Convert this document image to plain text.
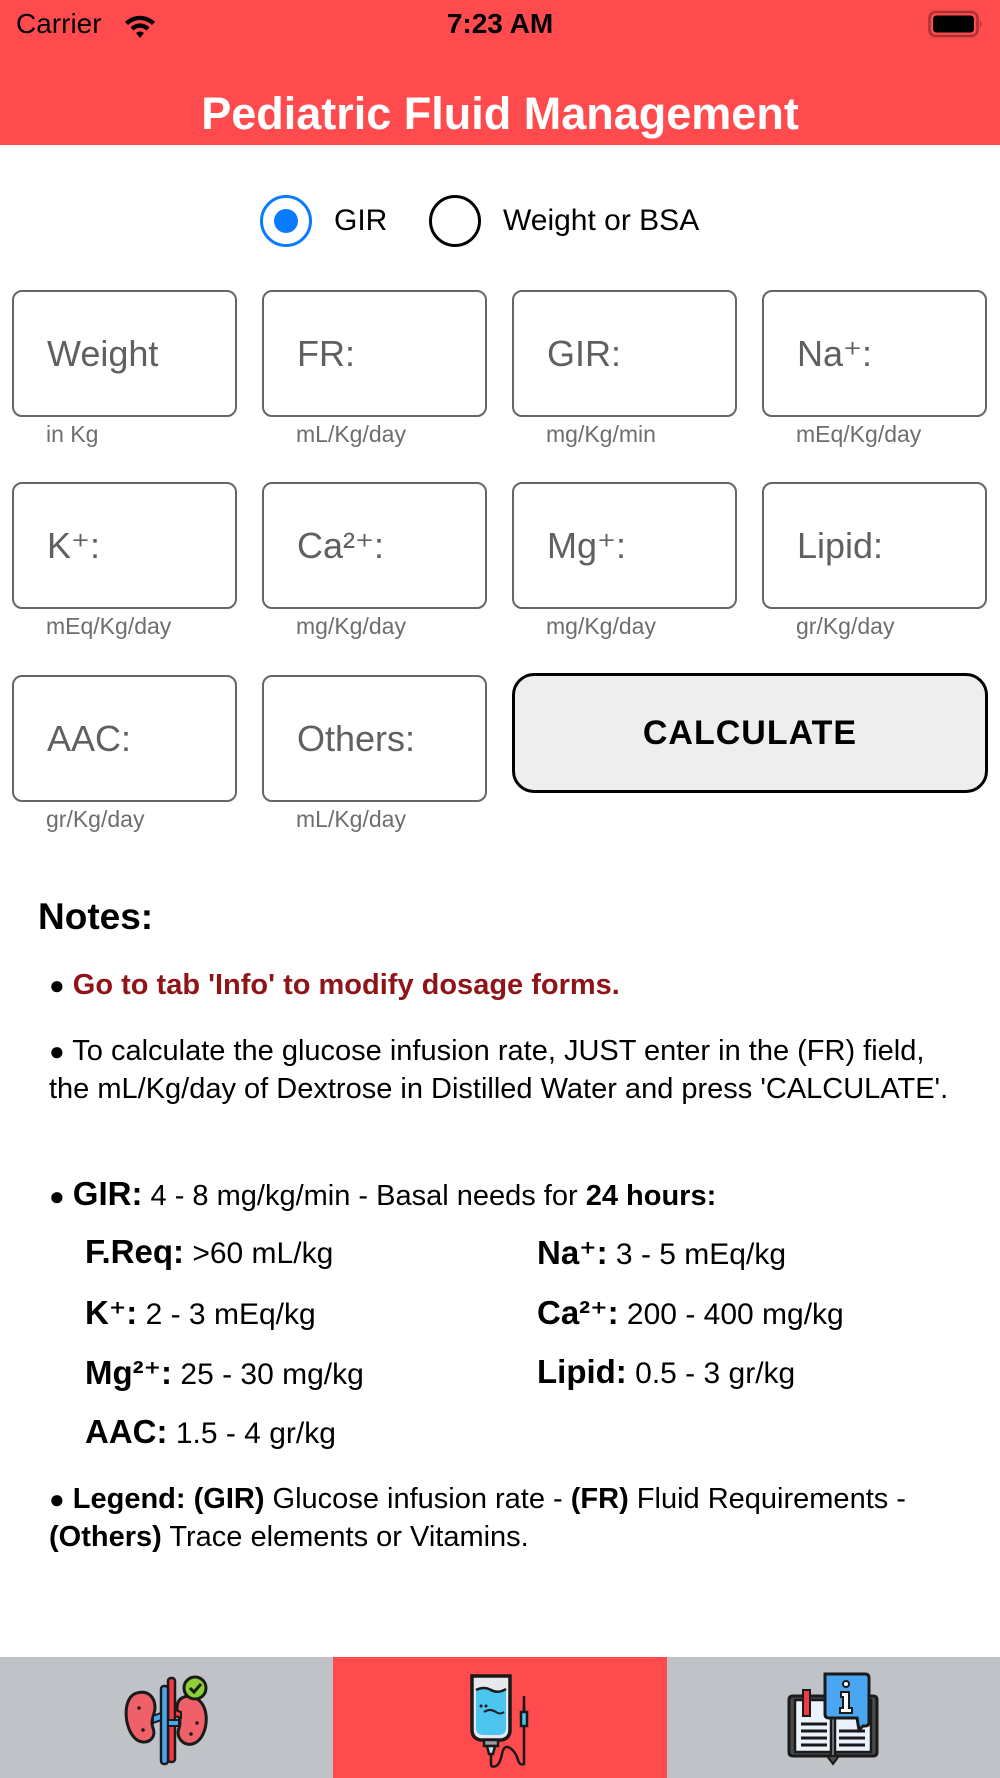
Carrier	7:23 AM
Pediatric Fluid Management
GIR	Weight or BSA
Weight
in Kg
FR:	mL/Kg/day
GIR:	mg/Kg/min
Na⁺:	mEq/Kg/day
K⁺:
mEq/Kg/day
Ca²⁺:	mg/Kg/day
Mg⁺:	mg/Kg/day
Lipid:	gr/Kg/day
AAC:
gr/Kg/day
Others:	mL/Kg/day
CALCULATE
Notes:
● Go to tab 'Info' to modify dosage forms.
● To calculate the glucose infusion rate, JUST enter in the (FR) field, the mL/Kg/day of Dextrose in Distilled Water and press 'CALCULATE'.
● GIR: 4 - 8 mg/kg/min - Basal needs for 24 hours:
F.Req: >60 mL/kg	Na⁺: 3 - 5 mEq/kg
K⁺: 2 - 3 mEq/kg	Ca²⁺: 200 - 400 mg/kg
Mg²⁺: 25 - 30 mg/kg	Lipid: 0.5 - 3 gr/kg
AAC: 1.5 - 4 gr/kg
● Legend: (GIR) Glucose infusion rate - (FR) Fluid Requirements - (Others) Trace elements or Vitamins.
